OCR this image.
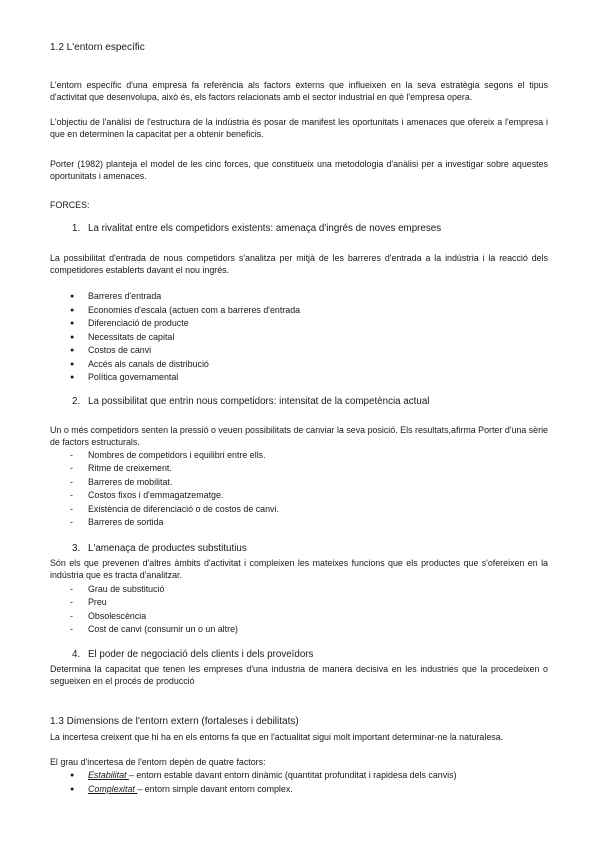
1.2 L'entorn específic

L'entorn específic d'una empresa fa referència als factors externs que influeixen en la seva estratègia segons el tipus d'activitat que desenvolupa, això és, els factors relacionats amb el sector industrial en què l'empresa opera.

L'objectiu de l'anàlisi de l'estructura de la indústria és posar de manifest les oportunitats i amenaces que ofereix a l'empresa i que en determinen la capacitat per a obtenir beneficis.

Porter (1982) planteja el model de les cinc forces, que constitueix una metodologia d'anàlisi per a investigar sobre aquestes oportunitats i amenaces.

FORCES:

1. La rivalitat entre els competidors existents: amenaça d'ingrés de noves empreses

La possibilitat d'entrada de nous competidors s'analitza per mitjà de les barreres d'entrada a la indústria i la reacció dels competidores establerts davant el nou ingrés.

● Barreres d'entrada
● Economies d'escala (actuen com a barreres d'entrada
● Diferenciació de producte
● Necessitats de capital
● Costos de canvi
● Accés als canals de distribució
● Política governamental
2. La possibilitat que entrin nous competidors: intensitat de la competència actual

Un o més competidors senten la pressió o veuen possibilitats de canviar la seva posició. Els resultats,afirma Porter d'una sèrie de factors estructurals.

- Nombres de competidors i equilibri entre ells.
- Ritme de creixement.
- Barreres de mobilitat.
- Costos fixos i d'emmagatzematge.
- Existència de diferenciació o de costos de canvi.
- Barreres de sortida
3. L'amenaça de productes substitutius

Són els que prevenen d'altres àmbits d'activitat i compleixen les mateixes funcions que els productes que s'ofereixen en la indústria que es tracta d'analitzar.

- Grau de substitució
- Preu
- Obsolescència
- Cost de canvi (consumir un o un altre)
4. El poder de negociació dels clients i dels proveïdors

Determina la capacitat que tenen les empreses d'una industria de manera decisiva en les industries que la procedeixen o segueixen en el procés de producció

1.3 Dimensions de l'entorn extern (fortaleses i debilitats)

La incertesa creixent que hi ha en els entorns fa que en l'actualitat sigui molt important determinar-ne la naturalesa.

El grau d'incertesa de l'entorn depèn de quatre factors:

● Estabilitat – entorn estable davant entorn dinàmic (quantitat profunditat i rapidesa dels canvis)
● Complexitat – entorn simple davant entorn complex.
